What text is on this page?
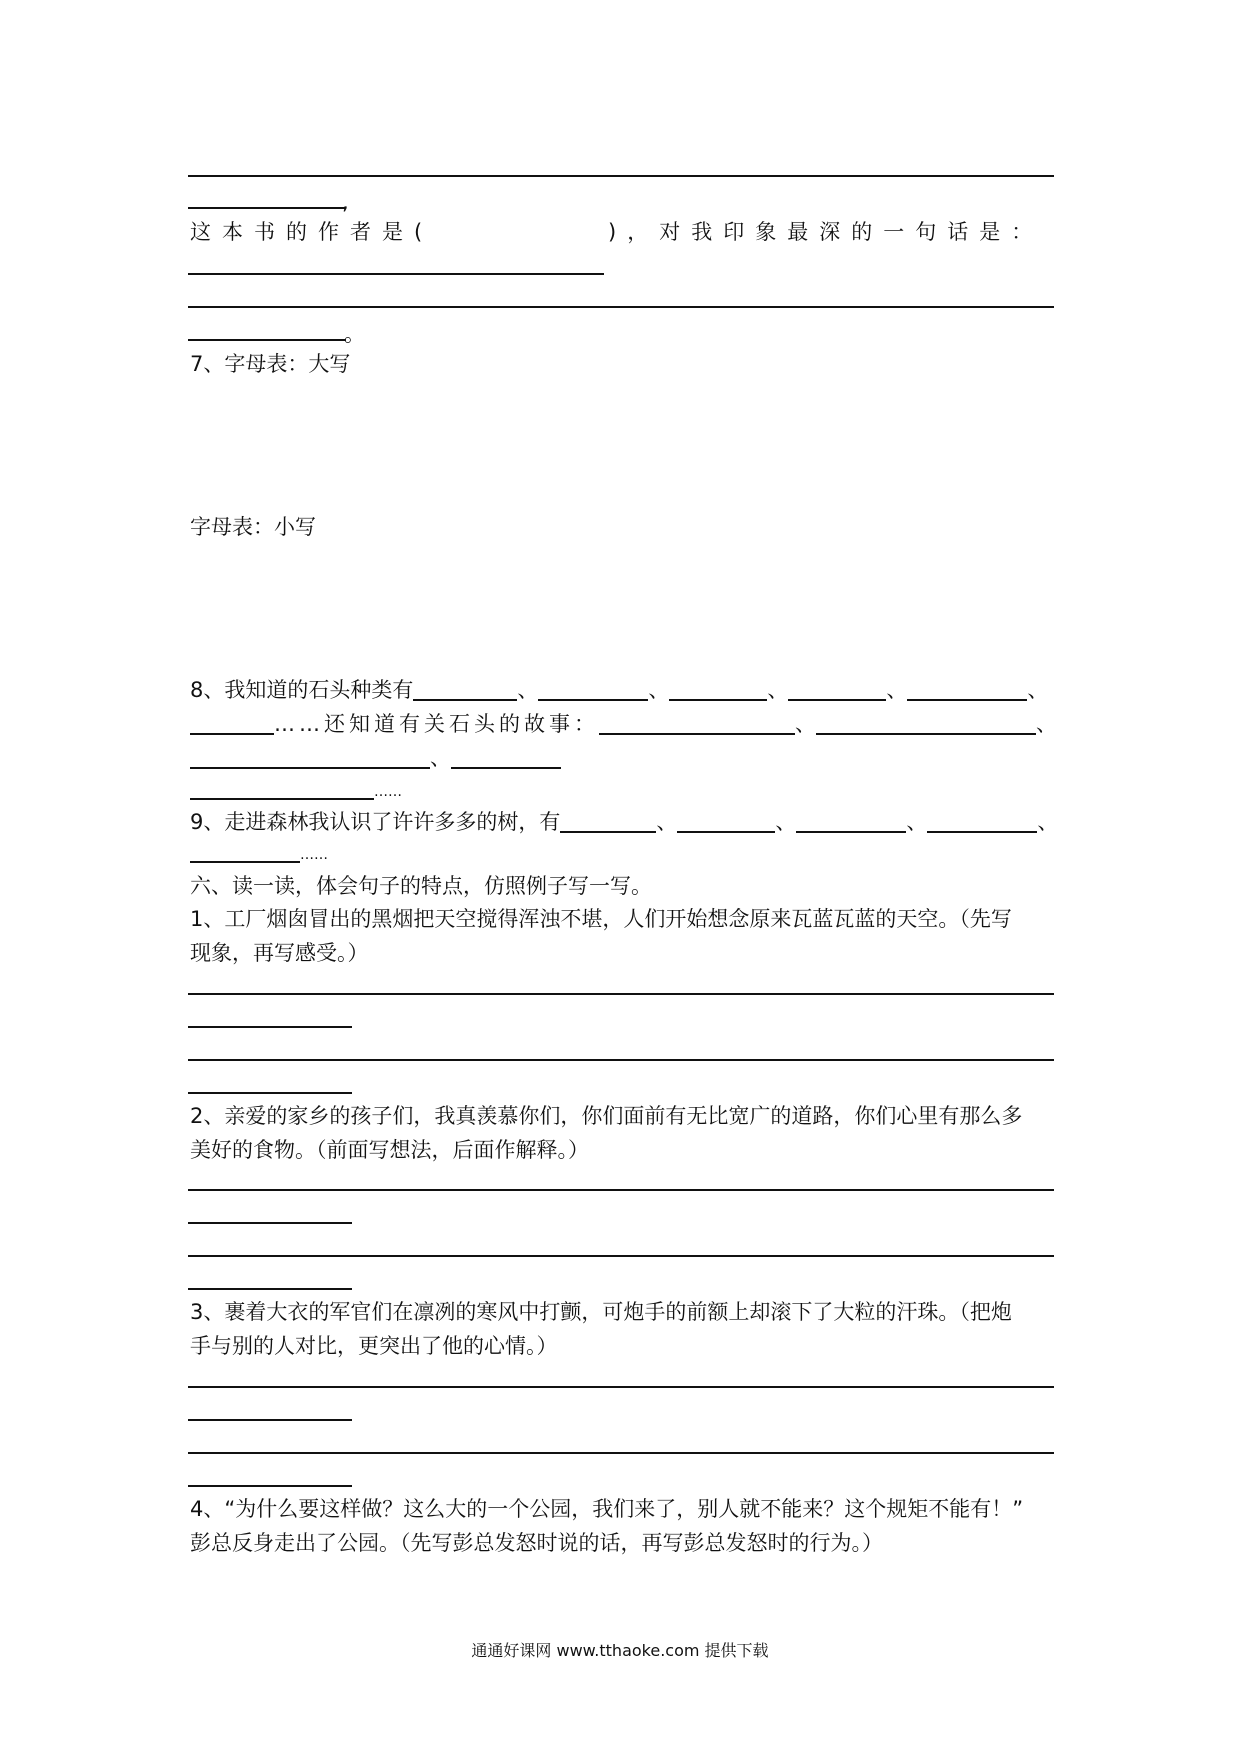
,
这本书的作者是(	)，对我印象最深的一句话是：
。
7、字母表：大写
字母表：小写
8、我知道的石头种类有	、	、	、	、	、
……还知道有关石头的故事：	、	、
、
……
9、走进森林我认识了许许多多的树，有	、	、	、	、
……
六、读一读，体会句子的特点，仿照例子写一写。
1、工厂烟囱冒出的黑烟把天空搅得浑浊不堪，人们开始想念原来瓦蓝瓦蓝的天空。（先写
现象，再写感受。）
2、亲爱的家乡的孩子们，我真羡慕你们，你们面前有无比宽广的道路，你们心里有那么多
美好的食物。（前面写想法，后面作解释。）
3、裹着大衣的军官们在凛冽的寒风中打颤，可炮手的前额上却滚下了大粒的汗珠。（把炮
手与别的人对比，更突出了他的心情。）
4、“为什么要这样做？这么大的一个公园，我们来了，别人就不能来？这个规矩不能有！”
彭总反身走出了公园。（先写彭总发怒时说的话，再写彭总发怒时的行为。）
通通好课网 www.tthaoke.com 提供下载
